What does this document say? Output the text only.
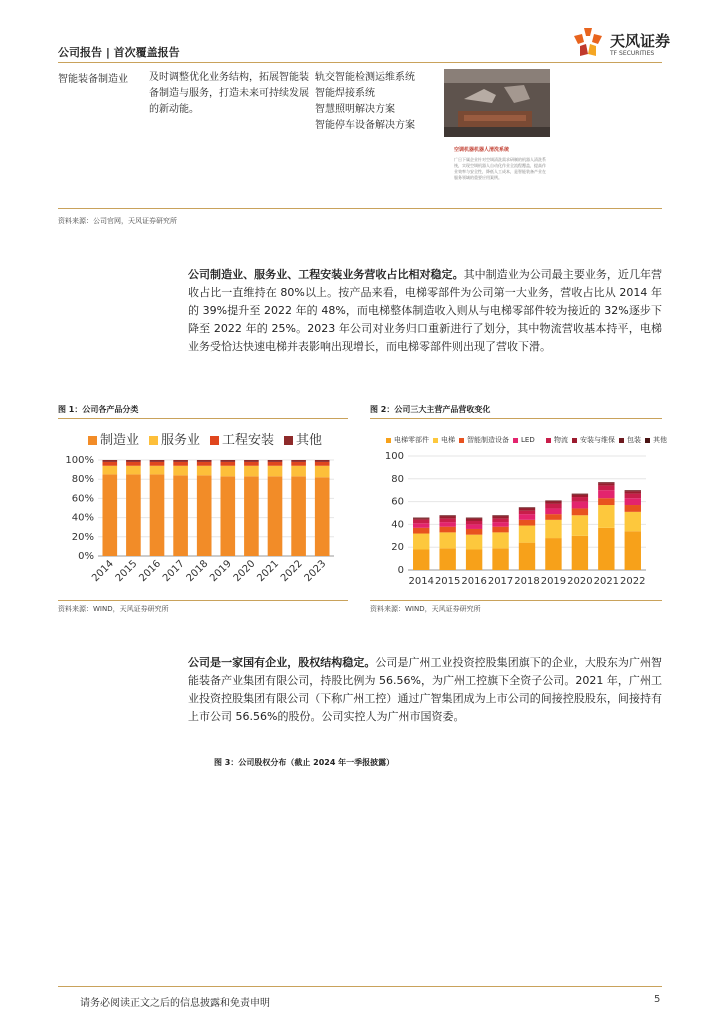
公司报告 | 首次覆盖报告
天风证券
TF SECURITIES
智能装备制造业 及时调整优化业务结构，拓展智能装备制造与服务，打造未来可持续发展的新动能。
轨交智能检测运维系统
智能焊接系统
智慧照明解决方案
智能停车设备解决方案
空调机器机器人清洗系统
广日下属企业针对空调清洗需求研制的机器人清洗系统，实现空调机器人自动化作业全流程覆盖，提高作业效率与安全性，降低人工成本，是智能装备产业在服务领域的重要应用案例。
资料来源：公司官网，天风证券研究所
公司制造业、服务业、工程安装业务营收占比相对稳定。其中制造业为公司最主要业务，近几年营收占比一直维持在 80%以上。按产品来看，电梯零部件为公司第一大业务，营收占比从 2014 年的 39%提升至 2022 年的 48%，而电梯整体制造收入则从与电梯零部件较为接近的 32%逐步下降至 2022 年的 25%。2023 年公司对业务归口重新进行了划分，其中物流营收基本持平，电梯业务受恰达快速电梯并表影响出现增长，而电梯零部件则出现了营收下滑。
图 1：公司各产品分类	图 2：公司三大主营产品营收变化
制造业 服务业 工程安装 其他
0%
20%
40%
60%
80%
100%
2014
2015
2016
2017
2018
2019
2020
2021
2022
2023
电梯零部件 电梯 智能制造设备 LED	物流 安装与维保 包装 其他
0
20
40
60
80
100
2014 2015 2016 2017 2018 2019 2020 2021 2022
资料来源：WIND，天风证券研究所	资料来源：WIND，天风证券研究所
公司是一家国有企业，股权结构稳定。公司是广州工业投资控股集团旗下的企业，大股东为广州智能装备产业集团有限公司，持股比例为 56.56%，为广州工控旗下全资子公司。2021 年，广州工业投资控股集团有限公司（下称广州工控）通过广智集团成为上市公司的间接控股股东，间接持有上市公司 56.56%的股份。公司实控人为广州市国资委。
图 3：公司股权分布（截止 2024 年一季报披露）
请务必阅读正文之后的信息披露和免责申明	5
